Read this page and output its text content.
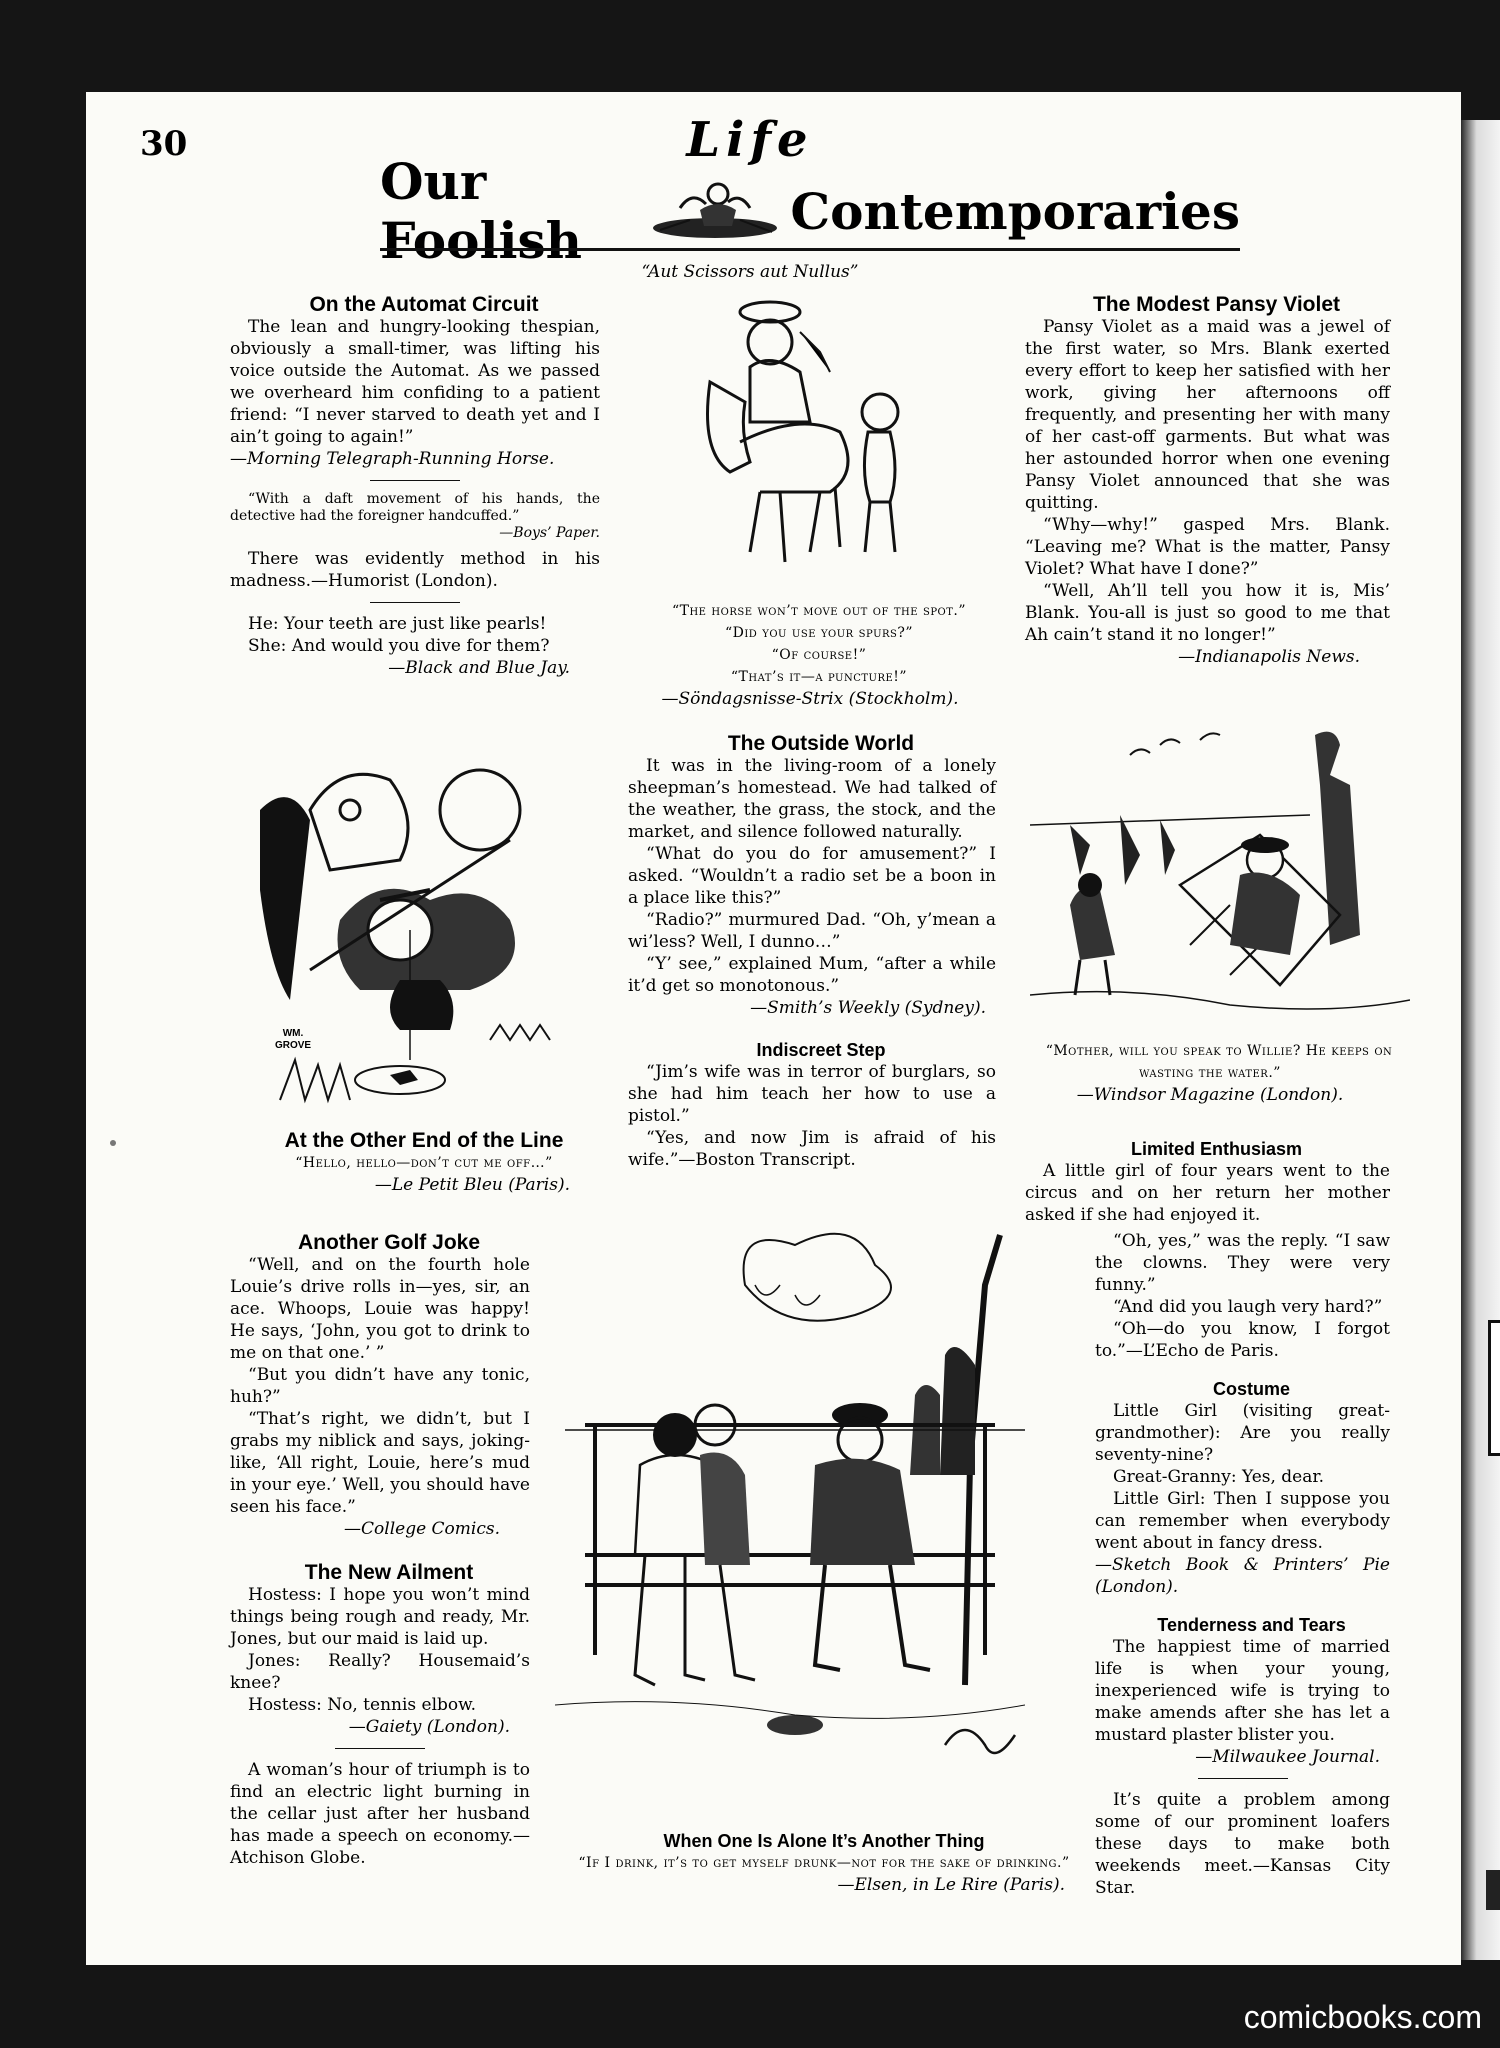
30	Life
Our Foolish	Contemporaries
“Aut Scissors aut Nullus”

On the Automat Circuit

The lean and hungry-looking thespian, obviously a small-timer, was lifting his voice outside the Automat. As we passed we overheard him confiding to a patient friend: “I never starved to death yet and I ain’t going to again!”

—Morning Telegraph-Running Horse.

“With a daft movement of his hands, the detective had the foreigner handcuffed.”

—Boys’ Paper.

There was evidently method in his madness.—Humorist (London).

He: Your teeth are just like pearls!

She: And would you dive for them?

—Black and Blue Jay.

WM. GROVE

At the Other End of the Line

“Hello, hello—don’t cut me off…”

—Le Petit Bleu (Paris).

Another Golf Joke

“Well, and on the fourth hole Louie’s drive rolls in—yes, sir, an ace. Whoops, Louie was happy! He says, ‘John, you got to drink to me on that one.’ ”

“But you didn’t have any tonic, huh?”

“That’s right, we didn’t, but I grabs my niblick and says, joking-like, ‘All right, Louie, here’s mud in your eye.’ Well, you should have seen his face.”

—College Comics.

The New Ailment

Hostess: I hope you won’t mind things being rough and ready, Mr. Jones, but our maid is laid up.

Jones: Really? Housemaid’s knee?

Hostess: No, tennis elbow.

—Gaiety (London).

A woman’s hour of triumph is to find an electric light burning in the cellar just after her husband has made a speech on economy.—Atchison Globe.

“The horse won’t move out of the spot.”

“Did you use your spurs?”

“Of course!”

“That’s it—a puncture!”

—Söndagsnisse-Strix (Stockholm).

The Outside World

It was in the living-room of a lonely sheepman’s homestead. We had talked of the weather, the grass, the stock, and the market, and silence followed naturally.

“What do you do for amusement?” I asked. “Wouldn’t a radio set be a boon in a place like this?”

“Radio?” murmured Dad. “Oh, y’mean a wi’less? Well, I dunno…”

“Y’ see,” explained Mum, “after a while it’d get so monotonous.”

—Smith’s Weekly (Sydney).

Indiscreet Step

“Jim’s wife was in terror of burglars, so she had him teach her how to use a pistol.”

“Yes, and now Jim is afraid of his wife.”—Boston Transcript.

When One Is Alone It’s Another Thing

“If I drink, it’s to get myself drunk—not for the sake of drinking.”

—Elsen, in Le Rire (Paris).

The Modest Pansy Violet

Pansy Violet as a maid was a jewel of the first water, so Mrs. Blank exerted every effort to keep her satisfied with her work, giving her afternoons off frequently, and presenting her with many of her cast-off garments. But what was her astounded horror when one evening Pansy Violet announced that she was quitting.

“Why—why!” gasped Mrs. Blank. “Leaving me? What is the matter, Pansy Violet? What have I done?”

“Well, Ah’ll tell you how it is, Mis’ Blank. You-all is just so good to me that Ah cain’t stand it no longer!”

—Indianapolis News.

“Mother, will you speak to Willie? He keeps on wasting the water.”

—Windsor Magazine (London).

Limited Enthusiasm

A little girl of four years went to the circus and on her return her mother asked if she had enjoyed it.

“Oh, yes,” was the reply. “I saw the clowns. They were very funny.”

“And did you laugh very hard?”

“Oh—do you know, I forgot to.”—L’Echo de Paris.

Costume

Little Girl (visiting great-grandmother): Are you really seventy-nine?

Great-Granny: Yes, dear.

Little Girl: Then I suppose you can remember when everybody went about in fancy dress.

—Sketch Book & Printers’ Pie (London).

Tenderness and Tears

The happiest time of married life is when your young, inexperienced wife is trying to make amends after she has let a mustard plaster blister you.

—Milwaukee Journal.

It’s quite a problem among some of our prominent loafers these days to make both weekends meet.—Kansas City Star.

comicbooks.com
